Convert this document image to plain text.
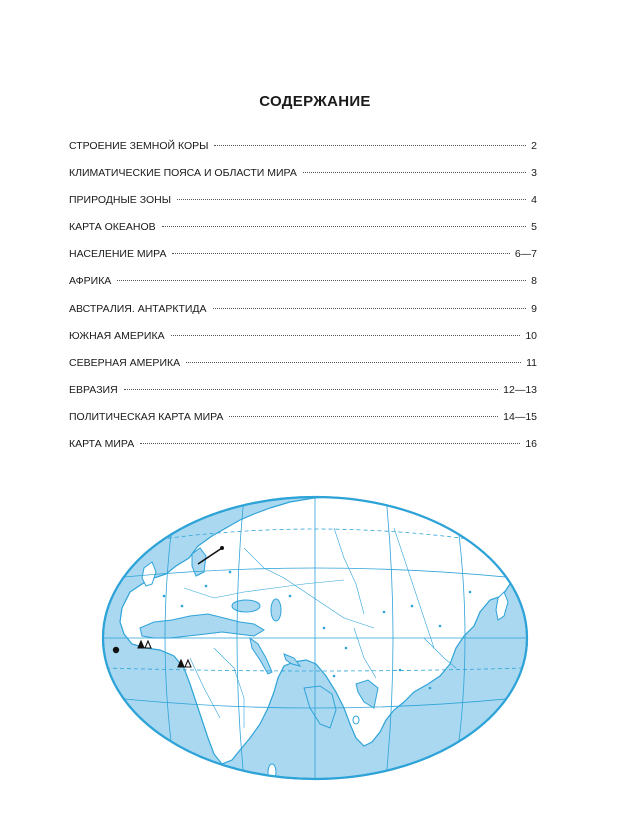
СОДЕРЖАНИЕ
СТРОЕНИЕ ЗЕМНОЙ КОРЫ	2
КЛИМАТИЧЕСКИЕ ПОЯСА И ОБЛАСТИ МИРА	3
ПРИРОДНЫЕ ЗОНЫ	4
КАРТА ОКЕАНОВ	5
НАСЕЛЕНИЕ МИРА	6—7
АФРИКА	8
АВСТРАЛИЯ. АНТАРКТИДА	9
ЮЖНАЯ АМЕРИКА	10
СЕВЕРНАЯ АМЕРИКА	11
ЕВРАЗИЯ	12—13
ПОЛИТИЧЕСКАЯ КАРТА МИРА	14—15
КАРТА МИРА	16
